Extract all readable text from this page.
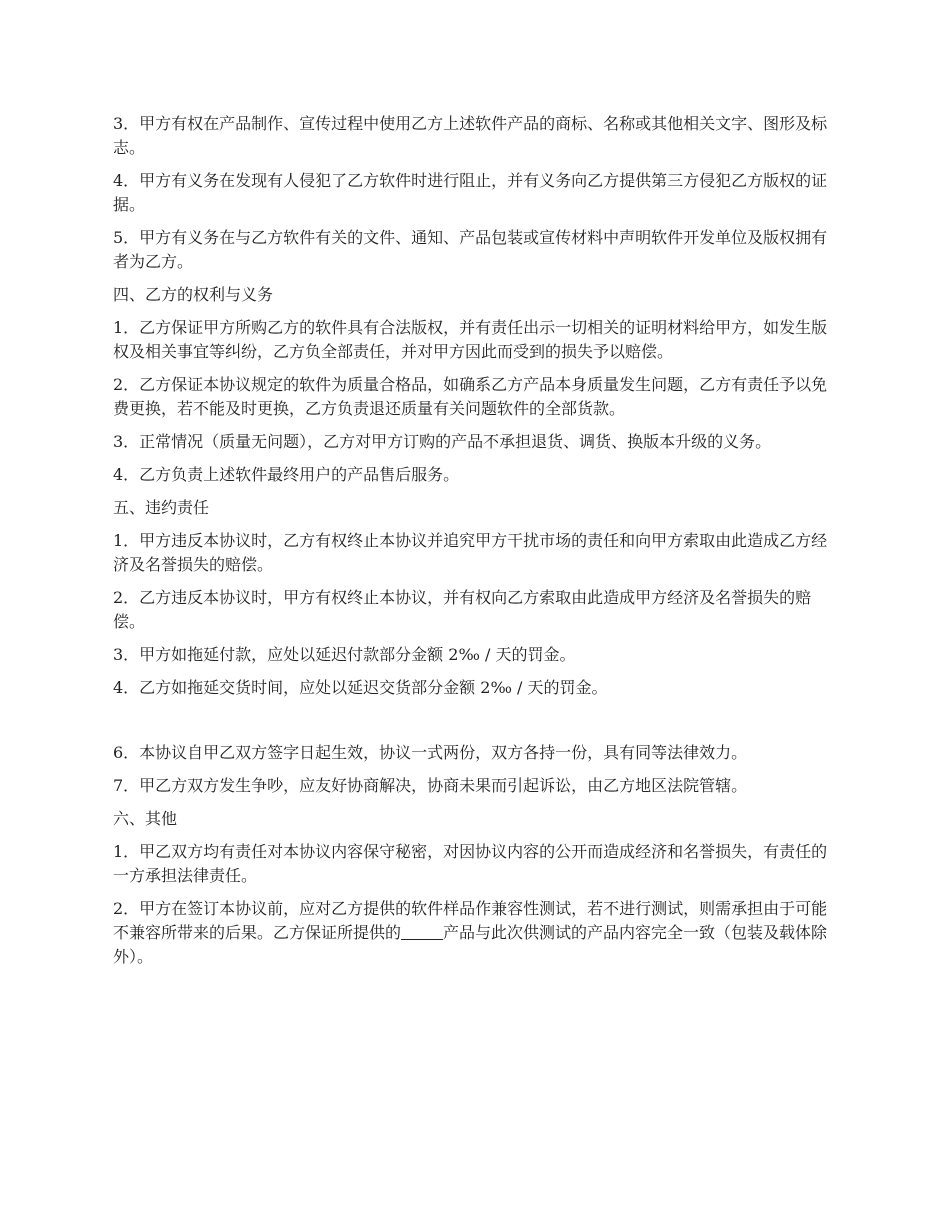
3．甲方有权在产品制作、宣传过程中使用乙方上述软件产品的商标、名称或其他相关文字、图形及标志。

4．甲方有义务在发现有人侵犯了乙方软件时进行阻止，并有义务向乙方提供第三方侵犯乙方版权的证据。

5．甲方有义务在与乙方软件有关的文件、通知、产品包装或宣传材料中声明软件开发单位及版权拥有者为乙方。

四、乙方的权利与义务

1．乙方保证甲方所购乙方的软件具有合法版权，并有责任出示一切相关的证明材料给甲方，如发生版权及相关事宜等纠纷，乙方负全部责任，并对甲方因此而受到的损失予以赔偿。

2．乙方保证本协议规定的软件为质量合格品，如确系乙方产品本身质量发生问题，乙方有责任予以免费更换，若不能及时更换，乙方负责退还质量有关问题软件的全部货款。

3．正常情况（质量无问题），乙方对甲方订购的产品不承担退货、调货、换版本升级的义务。

4．乙方负责上述软件最终用户的产品售后服务。

五、违约责任

1．甲方违反本协议时，乙方有权终止本协议并追究甲方干扰市场的责任和向甲方索取由此造成乙方经济及名誉损失的赔偿。

2．乙方违反本协议时，甲方有权终止本协议，并有权向乙方索取由此造成甲方经济及名誉损失的赔偿。

3．甲方如拖延付款，应处以延迟付款部分金额 2‰ / 天的罚金。

4．乙方如拖延交货时间，应处以延迟交货部分金额 2‰ / 天的罚金。

6．本协议自甲乙双方签字日起生效，协议一式两份，双方各持一份，具有同等法律效力。

7．甲乙方双方发生争吵，应友好协商解决，协商未果而引起诉讼，由乙方地区法院管辖。

六、其他

1．甲乙双方均有责任对本协议内容保守秘密，对因协议内容的公开而造成经济和名誉损失，有责任的一方承担法律责任。

2．甲方在签订本协议前，应对乙方提供的软件样品作兼容性测试，若不进行测试，则需承担由于可能不兼容所带来的后果。乙方保证所提供的	产品与此次供测试的产品内容完全一致（包装及载体除外）。
